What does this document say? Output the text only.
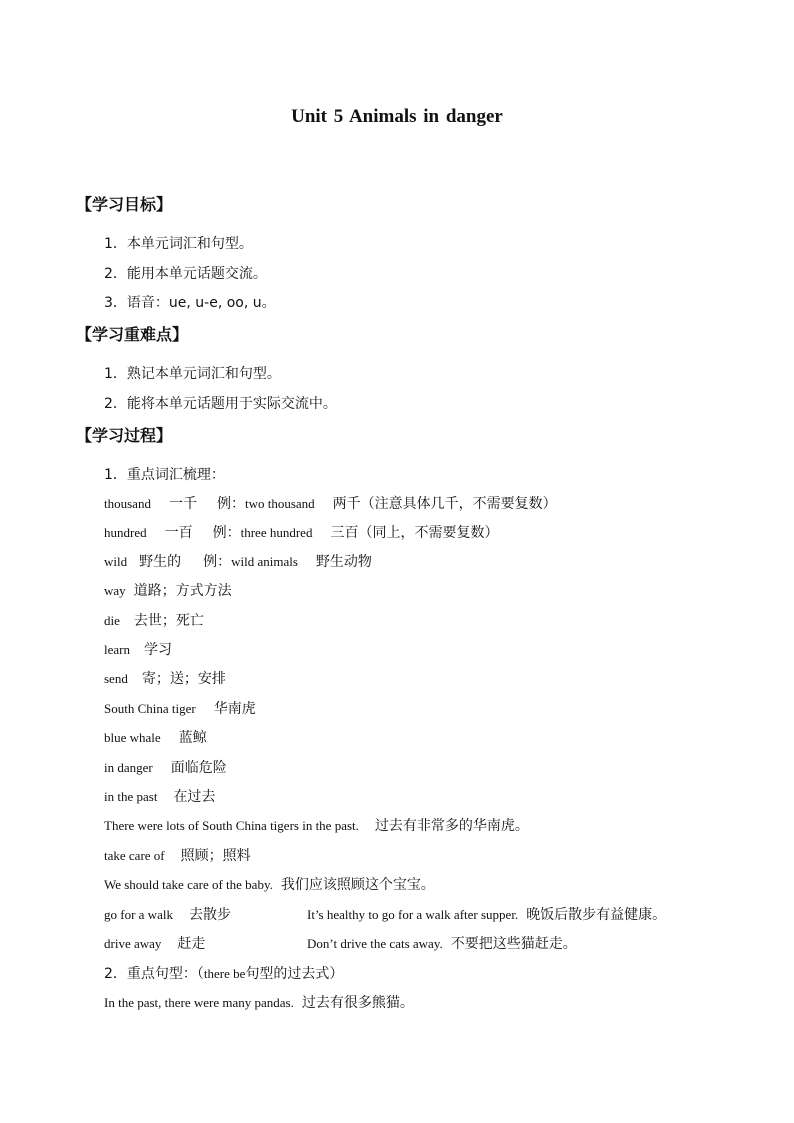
Unit 5 Animals in danger
【学习目标】
1．本单元词汇和句型。
2．能用本单元话题交流。
3．语音：ue, u-e, oo, u。
【学习重难点】
1．熟记本单元词汇和句型。
2．能将本单元话题用于实际交流中。
【学习过程】
1．重点词汇梳理：
thousand 一千 例：two thousand 两千（注意具体几千，不需要复数）
hundred 一百 例：three hundred 三百（同上，不需要复数）
wild 野生的 例：wild animals 野生动物
way 道路；方式方法
die 去世；死亡
learn 学习
send 寄；送；安排
South China tiger 华南虎
blue whale 蓝鲸
in danger 面临危险
in the past 在过去
There were lots of South China tigers in the past. 过去有非常多的华南虎。
take care of 照顾；照料
We should take care of the baby. 我们应该照顾这个宝宝。
go for a walk 去散步	It’s healthy to go for a walk after supper. 晚饭后散步有益健康。
drive away 赶走	Don’t drive the cats away. 不要把这些猫赶走。
2．重点句型：（there be句型的过去式）
In the past, there were many pandas. 过去有很多熊猫。
